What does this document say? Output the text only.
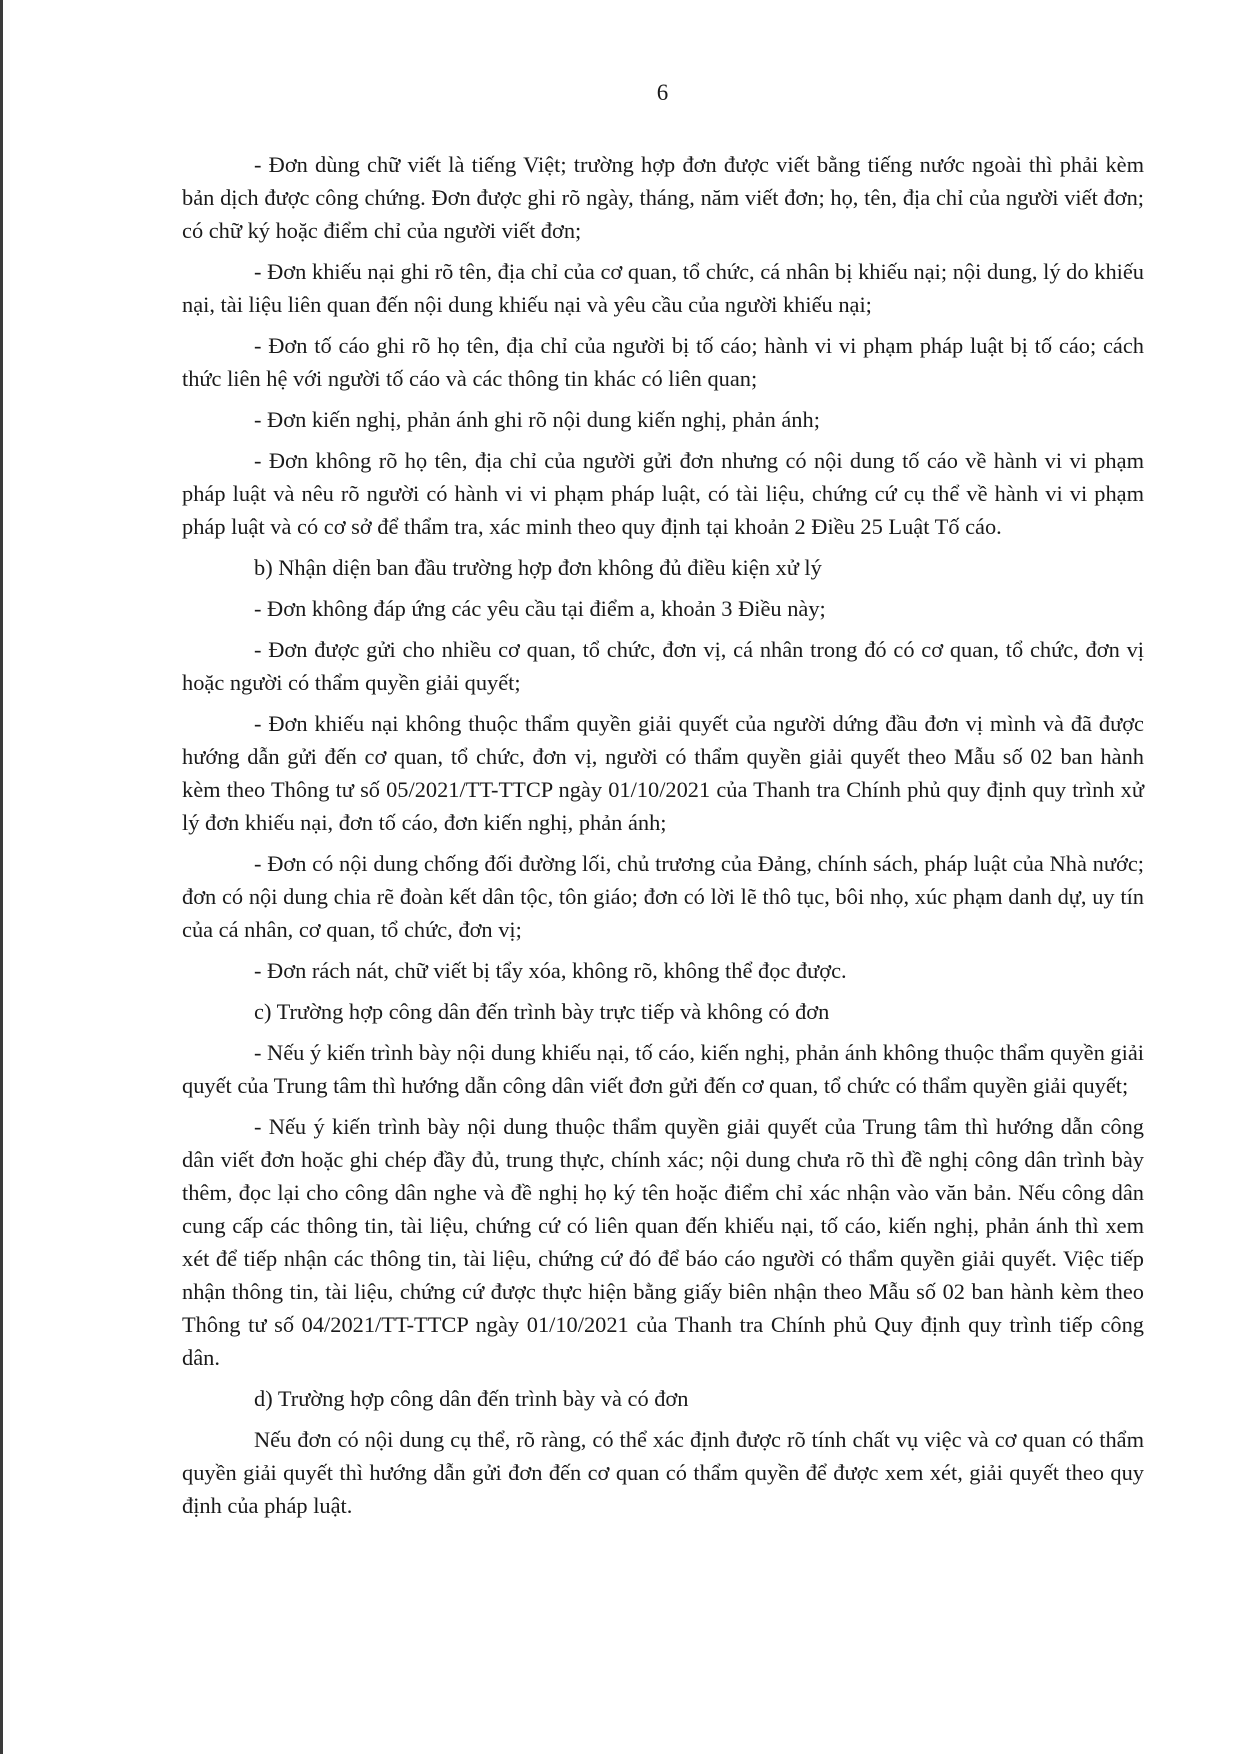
6

- Đơn dùng chữ viết là tiếng Việt; trường hợp đơn được viết bằng tiếng nước ngoài thì phải kèm bản dịch được công chứng. Đơn được ghi rõ ngày, tháng, năm viết đơn; họ, tên, địa chỉ của người viết đơn; có chữ ký hoặc điểm chỉ của người viết đơn;

- Đơn khiếu nại ghi rõ tên, địa chỉ của cơ quan, tổ chức, cá nhân bị khiếu nại; nội dung, lý do khiếu nại, tài liệu liên quan đến nội dung khiếu nại và yêu cầu của người khiếu nại;

- Đơn tố cáo ghi rõ họ tên, địa chỉ của người bị tố cáo; hành vi vi phạm pháp luật bị tố cáo; cách thức liên hệ với người tố cáo và các thông tin khác có liên quan;

- Đơn kiến nghị, phản ánh ghi rõ nội dung kiến nghị, phản ánh;

- Đơn không rõ họ tên, địa chỉ của người gửi đơn nhưng có nội dung tố cáo về hành vi vi phạm pháp luật và nêu rõ người có hành vi vi phạm pháp luật, có tài liệu, chứng cứ cụ thể về hành vi vi phạm pháp luật và có cơ sở để thẩm tra, xác minh theo quy định tại khoản 2 Điều 25 Luật Tố cáo.

b) Nhận diện ban đầu trường hợp đơn không đủ điều kiện xử lý

- Đơn không đáp ứng các yêu cầu tại điểm a, khoản 3 Điều này;

- Đơn được gửi cho nhiều cơ quan, tổ chức, đơn vị, cá nhân trong đó có cơ quan, tổ chức, đơn vị hoặc người có thẩm quyền giải quyết;

- Đơn khiếu nại không thuộc thẩm quyền giải quyết của người dứng đầu đơn vị mình và đã được hướng dẫn gửi đến cơ quan, tổ chức, đơn vị, người có thẩm quyền giải quyết theo Mẫu số 02 ban hành kèm theo Thông tư số 05/2021/TT-TTCP ngày 01/10/2021 của Thanh tra Chính phủ quy định quy trình xử lý đơn khiếu nại, đơn tố cáo, đơn kiến nghị, phản ánh;

- Đơn có nội dung chống đối đường lối, chủ trương của Đảng, chính sách, pháp luật của Nhà nước; đơn có nội dung chia rẽ đoàn kết dân tộc, tôn giáo; đơn có lời lẽ thô tục, bôi nhọ, xúc phạm danh dự, uy tín của cá nhân, cơ quan, tổ chức, đơn vị;

- Đơn rách nát, chữ viết bị tẩy xóa, không rõ, không thể đọc được.

c) Trường hợp công dân đến trình bày trực tiếp và không có đơn

- Nếu ý kiến trình bày nội dung khiếu nại, tố cáo, kiến nghị, phản ánh không thuộc thẩm quyền giải quyết của Trung tâm thì hướng dẫn công dân viết đơn gửi đến cơ quan, tổ chức có thẩm quyền giải quyết;

- Nếu ý kiến trình bày nội dung thuộc thẩm quyền giải quyết của Trung tâm thì hướng dẫn công dân viết đơn hoặc ghi chép đầy đủ, trung thực, chính xác; nội dung chưa rõ thì đề nghị công dân trình bày thêm, đọc lại cho công dân nghe và đề nghị họ ký tên hoặc điểm chỉ xác nhận vào văn bản. Nếu công dân cung cấp các thông tin, tài liệu, chứng cứ có liên quan đến khiếu nại, tố cáo, kiến nghị, phản ánh thì xem xét để tiếp nhận các thông tin, tài liệu, chứng cứ đó để báo cáo người có thẩm quyền giải quyết. Việc tiếp nhận thông tin, tài liệu, chứng cứ được thực hiện bằng giấy biên nhận theo Mẫu số 02 ban hành kèm theo Thông tư số 04/2021/TT-TTCP ngày 01/10/2021 của Thanh tra Chính phủ Quy định quy trình tiếp công dân.

d) Trường hợp công dân đến trình bày và có đơn

Nếu đơn có nội dung cụ thể, rõ ràng, có thể xác định được rõ tính chất vụ việc và cơ quan có thẩm quyền giải quyết thì hướng dẫn gửi đơn đến cơ quan có thẩm quyền để được xem xét, giải quyết theo quy định của pháp luật.
